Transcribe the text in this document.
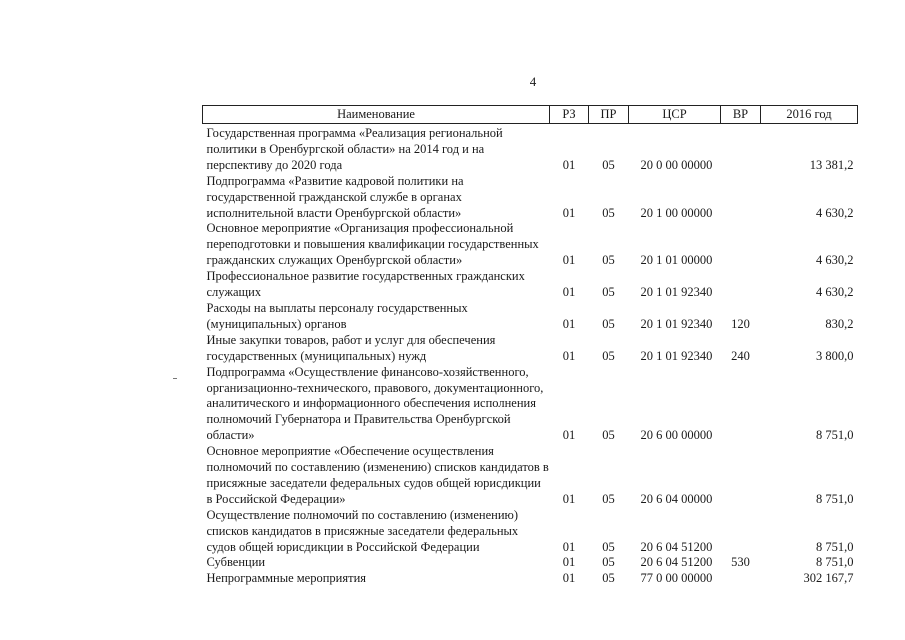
4
Наименование	РЗ	ПР	ЦСР	ВР	2016 год
Государственная программа «Реализация региональной политики в Оренбургской области» на 2014 год и на перспективу до 2020 года	01	05	20 0 00 00000		13 381,2
Подпрограмма «Развитие кадровой политики на государственной гражданской службе в органах исполнительной власти Оренбургской области»	01	05	20 1 00 00000		4 630,2
Основное мероприятие «Организация профессиональной переподготовки и повышения квалификации государственных гражданских служащих Оренбургской области»	01	05	20 1 01 00000		4 630,2
Профессиональное развитие государственных гражданских служащих	01	05	20 1 01 92340		4 630,2
Расходы на выплаты персоналу государственных (муниципальных) органов	01	05	20 1 01 92340	120	830,2
Иные закупки товаров, работ и услуг для обеспечения государственных (муниципальных) нужд	01	05	20 1 01 92340	240	3 800,0
Подпрограмма «Осуществление финансово-хозяйственного, организационно-технического, правового, документационного, аналитического и информационного обеспечения исполнения полномочий Губернатора и Правительства Оренбургской области»	01	05	20 6 00 00000		8 751,0
Основное мероприятие «Обеспечение осуществления полномочий по составлению (изменению) списков кандидатов в присяжные заседатели федеральных судов общей юрисдикции в Российской Федерации»	01	05	20 6 04 00000		8 751,0
Осуществление полномочий по составлению (изменению) списков кандидатов в присяжные заседатели федеральных судов общей юрисдикции в Российской Федерации	01	05	20 6 04 51200		8 751,0
Субвенции	01	05	20 6 04 51200	530	8 751,0
Непрограммные мероприятия	01	05	77 0 00 00000		302 167,7
